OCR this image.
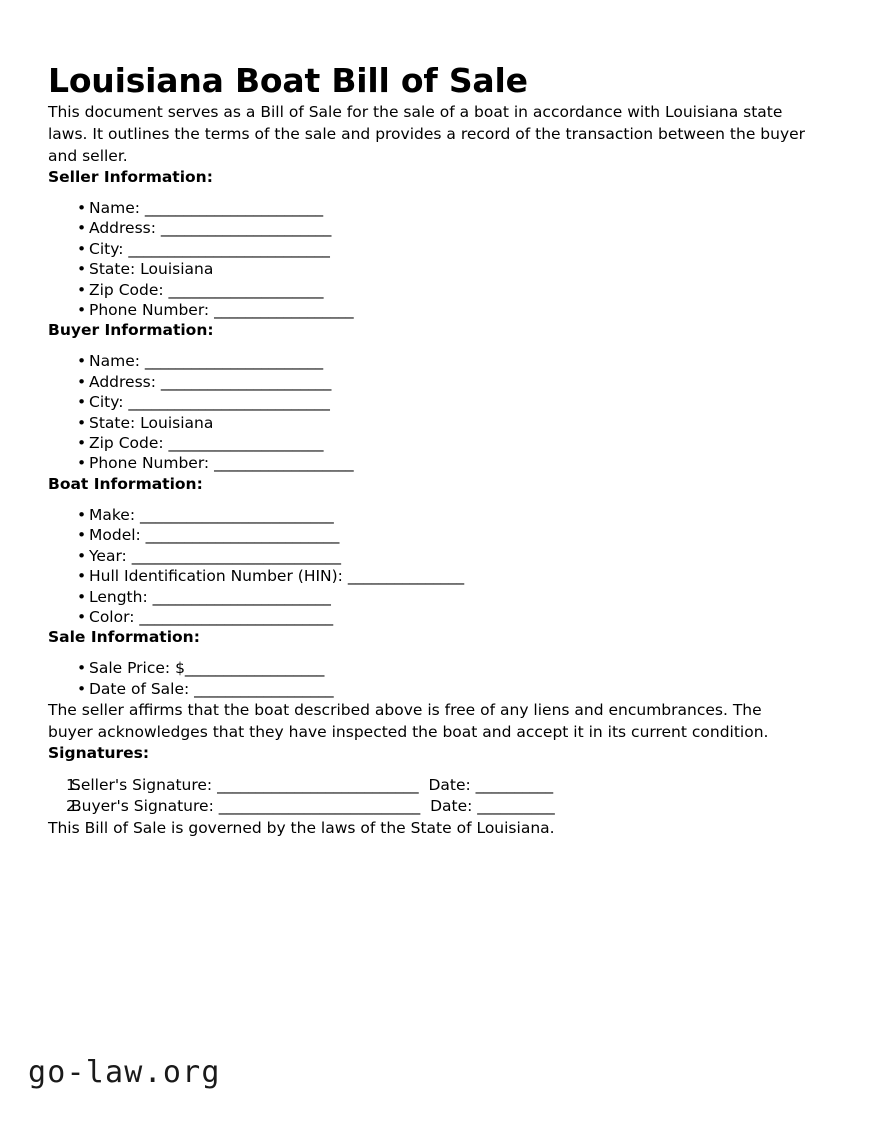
Louisiana Boat Bill of Sale

This document serves as a Bill of Sale for the sale of a boat in accordance with Louisiana state laws. It outlines the terms of the sale and provides a record of the transaction between the buyer and seller.

Seller Information:
• Name: _______________________
• Address: ______________________
• City: __________________________
• State: Louisiana
• Zip Code: ____________________
• Phone Number: __________________
Buyer Information:
• Name: _______________________
• Address: ______________________
• City: __________________________
• State: Louisiana
• Zip Code: ____________________
• Phone Number: __________________
Boat Information:
• Make: _________________________
• Model: _________________________
• Year: ___________________________
• Hull Identification Number (HIN): _______________
• Length: _______________________
• Color: _________________________
Sale Information:
• Sale Price: $__________________
• Date of Sale: __________________

The seller affirms that the boat described above is free of any liens and encumbrances. The buyer acknowledges that they have inspected the boat and accept it in its current condition.

Signatures:
Seller's Signature: __________________________  Date: __________
Buyer's Signature: __________________________  Date: __________

This Bill of Sale is governed by the laws of the State of Louisiana.

go-law.org
